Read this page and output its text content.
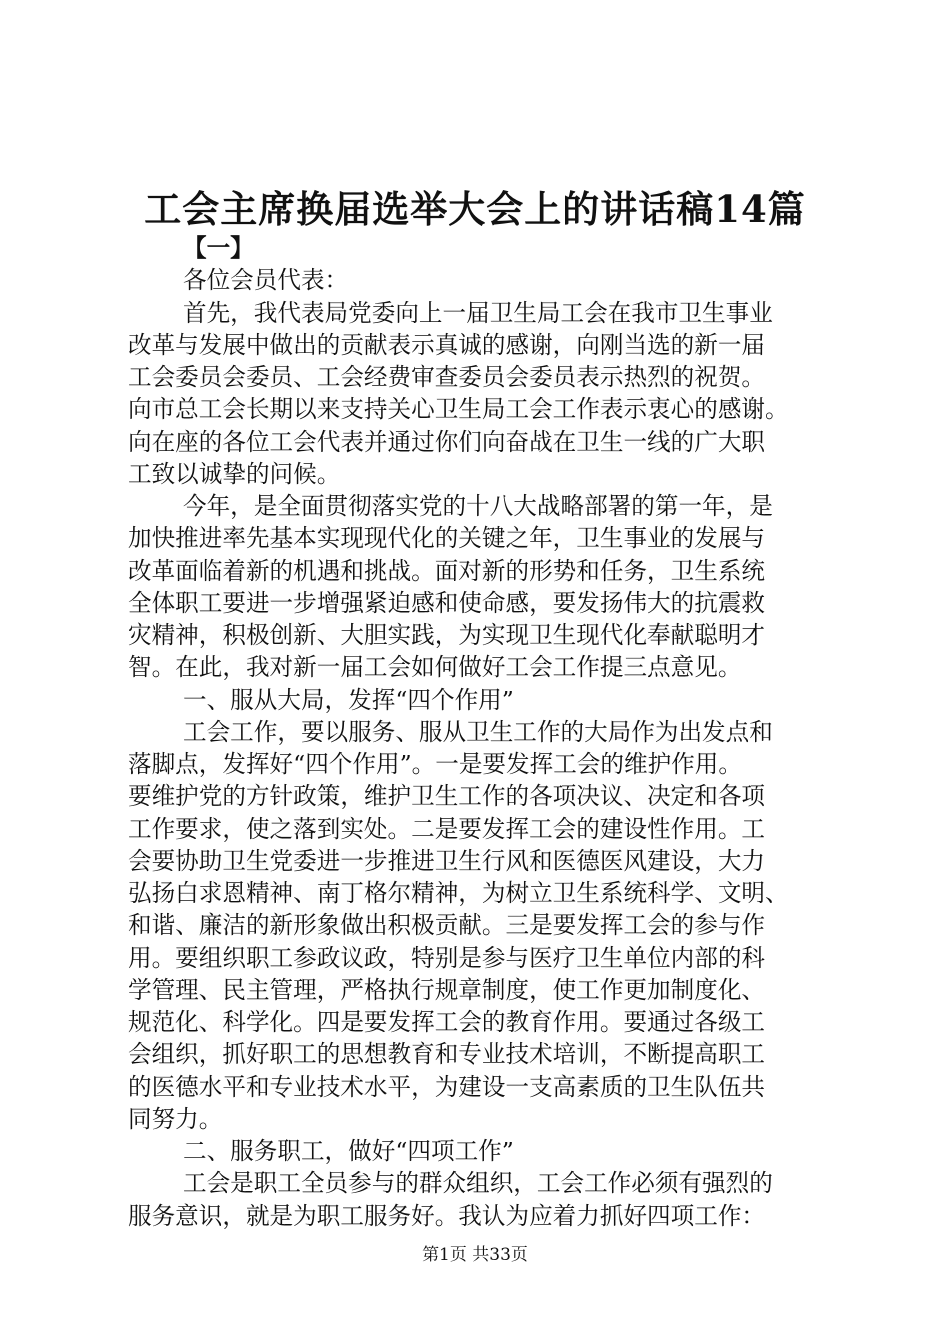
工会主席换届选举大会上的讲话稿14篇
【一】
各位会员代表：
首先，我代表局党委向上一届卫生局工会在我市卫生事业
改革与发展中做出的贡献表示真诚的感谢，向刚当选的新一届
工会委员会委员、工会经费审查委员会委员表示热烈的祝贺。
向市总工会长期以来支持关心卫生局工会工作表示衷心的感谢。
向在座的各位工会代表并通过你们向奋战在卫生一线的广大职
工致以诚挚的问候。
今年，是全面贯彻落实党的十八大战略部署的第一年，是
加快推进率先基本实现现代化的关键之年，卫生事业的发展与
改革面临着新的机遇和挑战。面对新的形势和任务，卫生系统
全体职工要进一步增强紧迫感和使命感，要发扬伟大的抗震救
灾精神，积极创新、大胆实践，为实现卫生现代化奉献聪明才
智。在此，我对新一届工会如何做好工会工作提三点意见。
一、服从大局，发挥“四个作用”
工会工作，要以服务、服从卫生工作的大局作为出发点和
落脚点，发挥好“四个作用”。一是要发挥工会的维护作用。
要维护党的方针政策，维护卫生工作的各项决议、决定和各项
工作要求，使之落到实处。二是要发挥工会的建设性作用。工
会要协助卫生党委进一步推进卫生行风和医德医风建设，大力
弘扬白求恩精神、南丁格尔精神，为树立卫生系统科学、文明、
和谐、廉洁的新形象做出积极贡献。三是要发挥工会的参与作
用。要组织职工参政议政，特别是参与医疗卫生单位内部的科
学管理、民主管理，严格执行规章制度，使工作更加制度化、
规范化、科学化。四是要发挥工会的教育作用。要通过各级工
会组织，抓好职工的思想教育和专业技术培训，不断提高职工
的医德水平和专业技术水平，为建设一支高素质的卫生队伍共
同努力。
二、服务职工，做好“四项工作”
工会是职工全员参与的群众组织，工会工作必须有强烈的
服务意识，就是为职工服务好。我认为应着力抓好四项工作：
第1页 共33页
